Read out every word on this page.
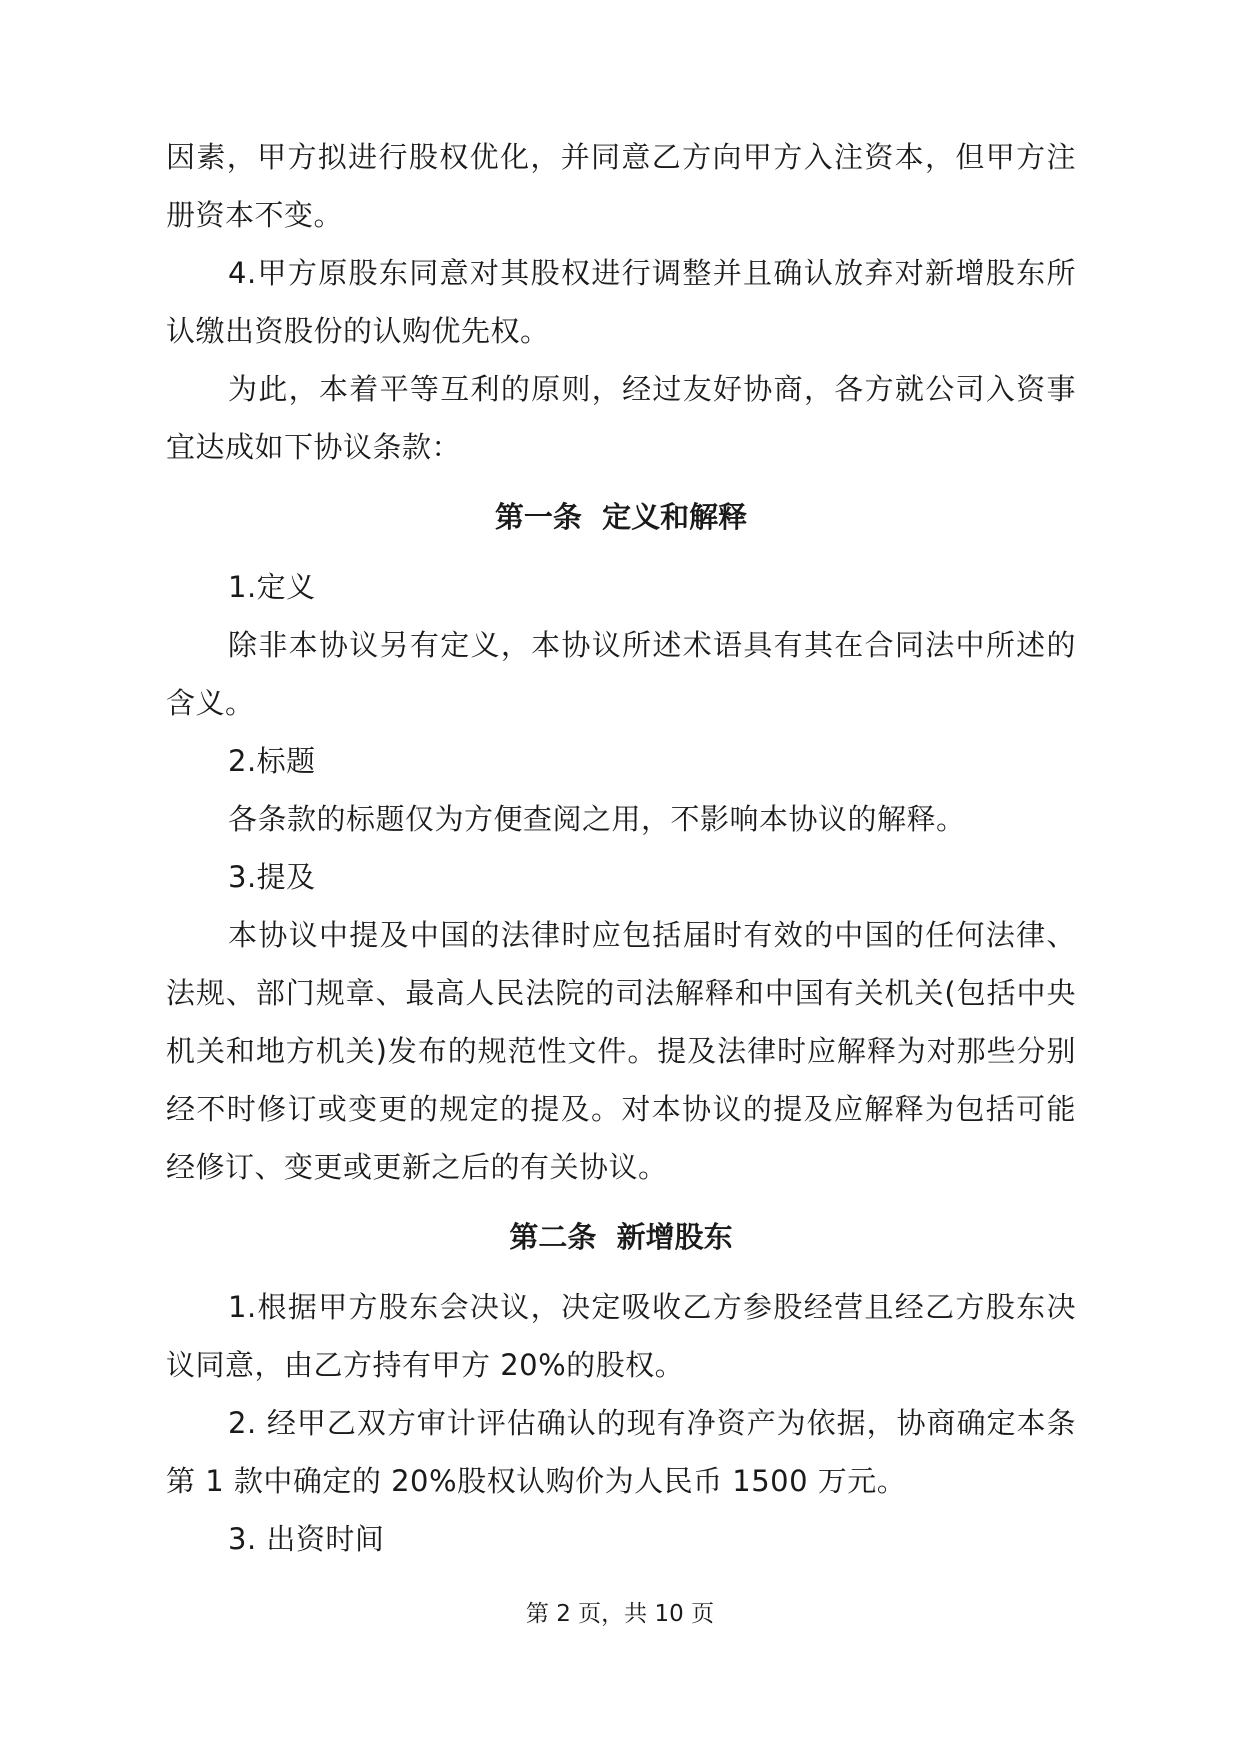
因素，甲方拟进行股权优化，并同意乙方向甲方入注资本，但甲方注册资本不变。

4.甲方原股东同意对其股权进行调整并且确认放弃对新增股东所认缴出资股份的认购优先权。

为此，本着平等互利的原则，经过友好协商，各方就公司入资事宜达成如下协议条款：

第一条  定义和解释

1.定义

除非本协议另有定义，本协议所述术语具有其在合同法中所述的含义。

2.标题

各条款的标题仅为方便查阅之用，不影响本协议的解释。

3.提及

本协议中提及中国的法律时应包括届时有效的中国的任何法律、法规、部门规章、最高人民法院的司法解释和中国有关机关(包括中央机关和地方机关)发布的规范性文件。提及法律时应解释为对那些分别经不时修订或变更的规定的提及。对本协议的提及应解释为包括可能经修订、变更或更新之后的有关协议。

第二条  新增股东

1.根据甲方股东会决议，决定吸收乙方参股经营且经乙方股东决议同意，由乙方持有甲方 20%的股权。

2. 经甲乙双方审计评估确认的现有净资产为依据，协商确定本条第 1 款中确定的 20%股权认购价为人民币 1500 万元。

3. 出资时间

第 2 页，共 10 页
